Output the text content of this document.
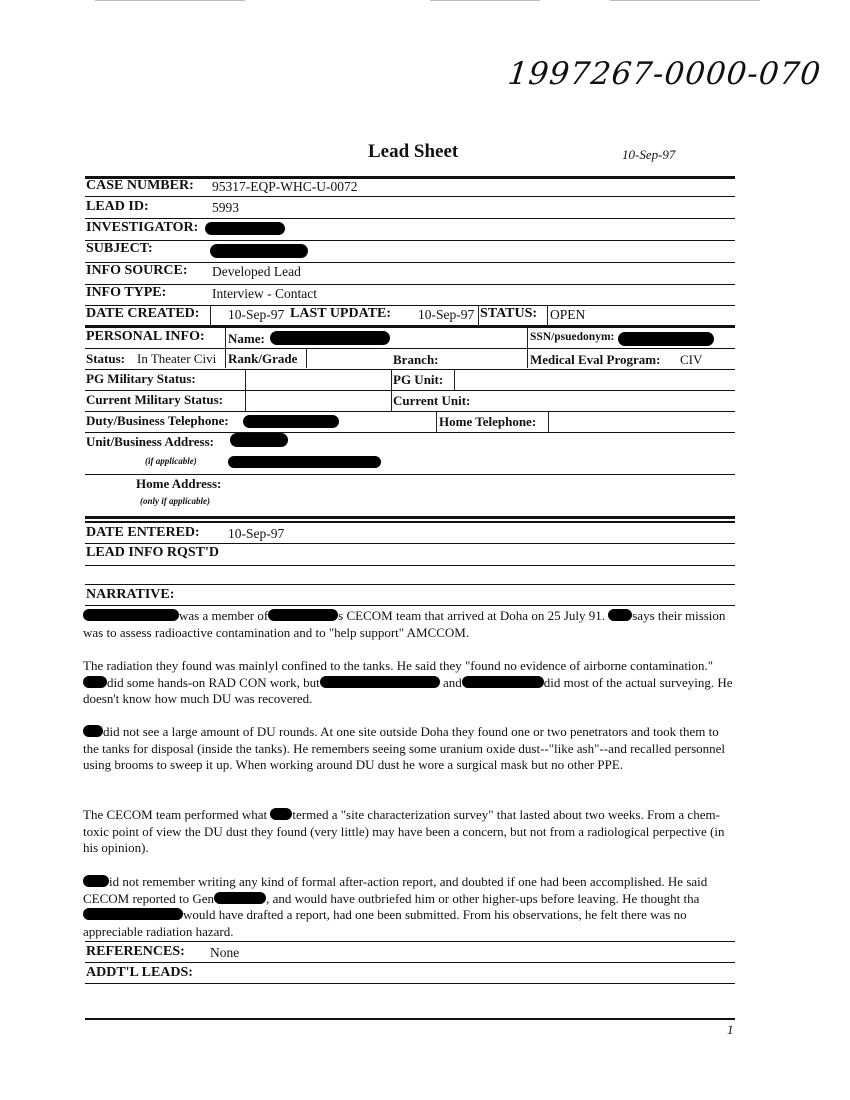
1997267-0000-070
Lead Sheet	10-Sep-97
CASE NUMBER: 95317-EQP-WHC-U-0072
LEAD ID:	5993
INVESTIGATOR:
SUBJECT:
INFO SOURCE: Developed Lead
INFO TYPE:	Interview - Contact
DATE CREATED: 10-Sep-97 LAST UPDATE: 10-Sep-97 STATUS: OPEN
PERSONAL INFO: Name:	SSN/psuedonym:
Status: In Theater Civi Rank/Grade	Branch:	Medical Eval Program: CIV
PG Military Status:	PG Unit:
Current Military Status:	Current Unit:
Duty/Business Telephone:	Home Telephone:
Unit/Business Address:
(if applicable)
Home Address:
(only if applicable)
DATE ENTERED: 10-Sep-97
LEAD INFO RQST'D
NARRATIVE:
was a member of	s CECOM team that arrived at Doha on 25 July 91. says their mission was to assess radioactive contamination and to "help support" AMCCOM.
The radiation they found was mainlyl confined to the tanks. He said they "found no evidence of airborne contamination."did some hands-on RAD CON work, but	and	did most of the actual surveying. He doesn't know how much DU was recovered.
did not see a large amount of DU rounds. At one site outside Doha they found one or two penetrators and took them to the tanks for disposal (inside the tanks). He remembers seeing some uranium oxide dust--"like ash"--and recalled personnel using brooms to sweep it up. When working around DU dust he wore a surgical mask but no other PPE.
The CECOM team performed what termed a "site characterization survey" that lasted about two weeks. From a chem-toxic point of view the DU dust they found (very little) may have been a concern, but not from a radiological perpective (in his opinion).
id not remember writing any kind of formal after-action report, and doubted if one had been accomplished. He said CECOM reported to Gen	, and would have outbriefed him or other higher-ups before leaving. He thought thawould have drafted a report, had one been submitted. From his observations, he felt there was no appreciable radiation hazard.
REFERENCES: None
ADDT'L LEADS:
1
